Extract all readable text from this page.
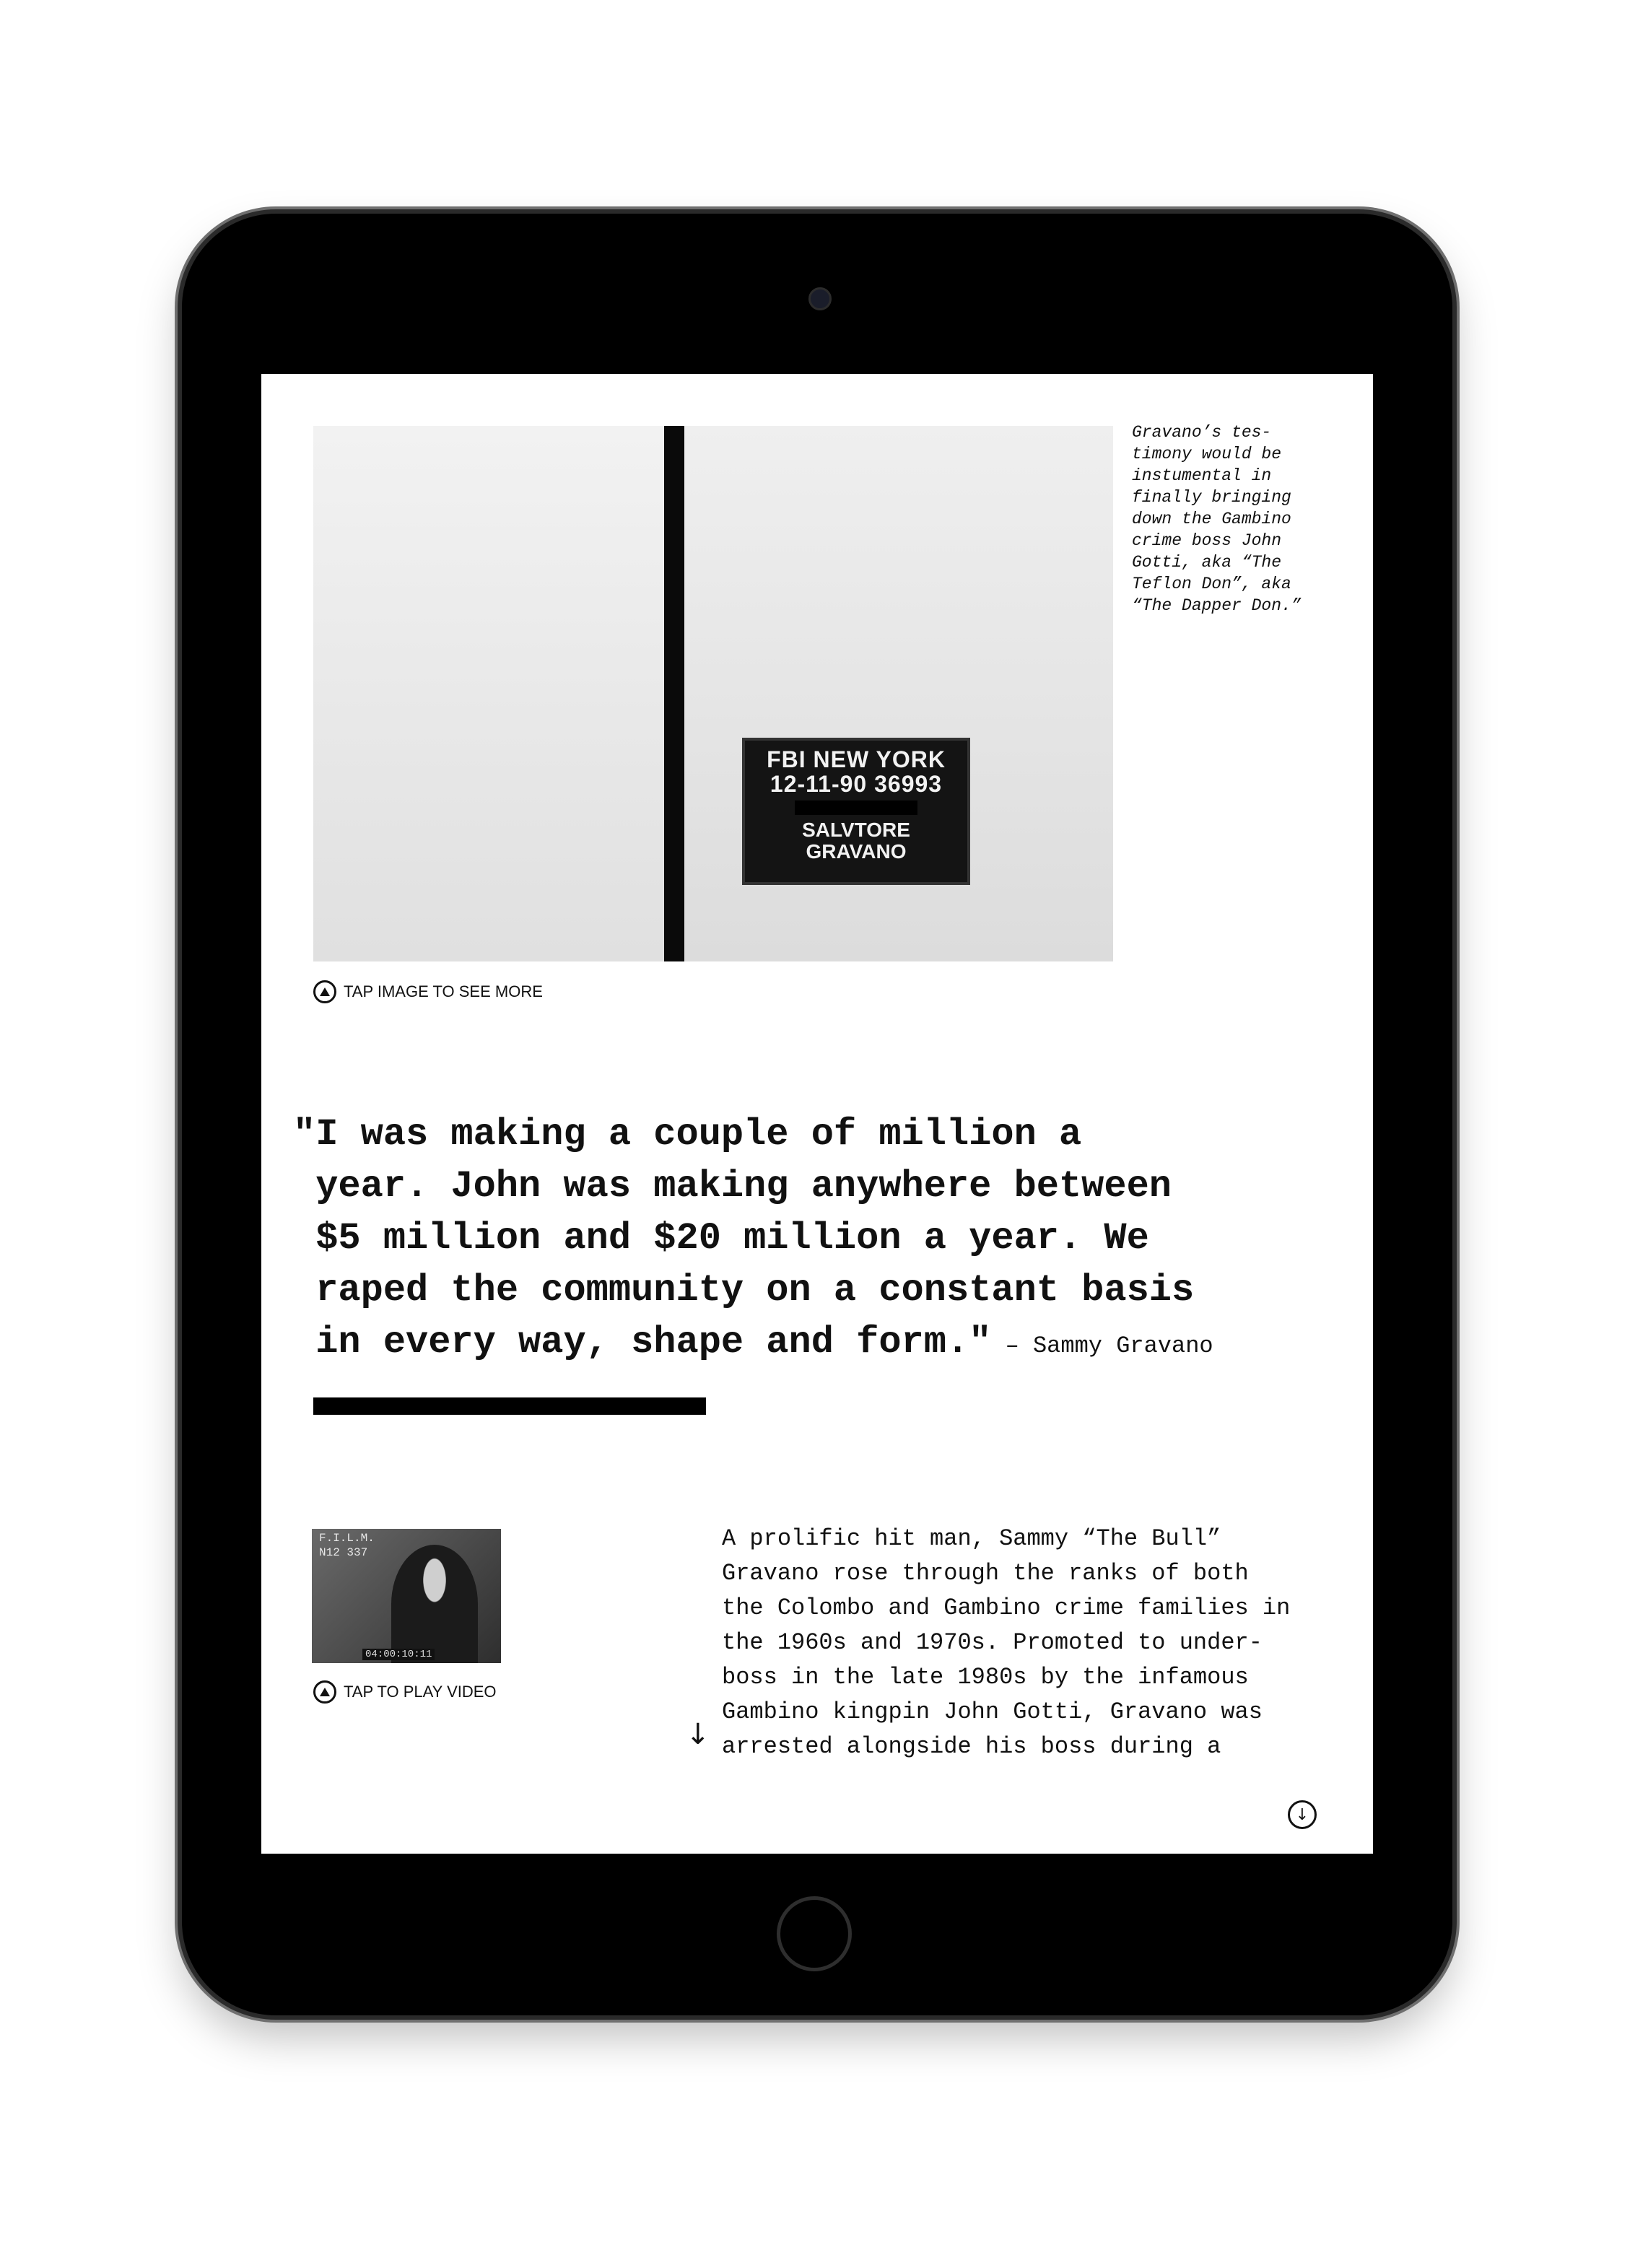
FBI NEW YORK
12-11-90 36993
SALVTORE
GRAVANO
Gravano’s tes-
timony would be
instumental in
finally bringing
down the Gambino
crime boss John
Gotti, aka “The
Teflon Don”, aka
“The Dapper Don.”
TAP IMAGE TO SEE MORE
"I was making a couple of million a
year. John was making anywhere between
$5 million and $20 million a year. We
raped the community on a constant basis
in every way, shape and form." – Sammy Gravano
F.I.L.M.
N12 337
04:00:10:11
TAP TO PLAY VIDEO
A prolific hit man, Sammy “The Bull”
Gravano rose through the ranks of both
the Colombo and Gambino crime families in
the 1960s and 1970s. Promoted to under-
boss in the late 1980s by the infamous
Gambino kingpin John Gotti, Gravano was
arrested alongside his boss during a
↓
↓
